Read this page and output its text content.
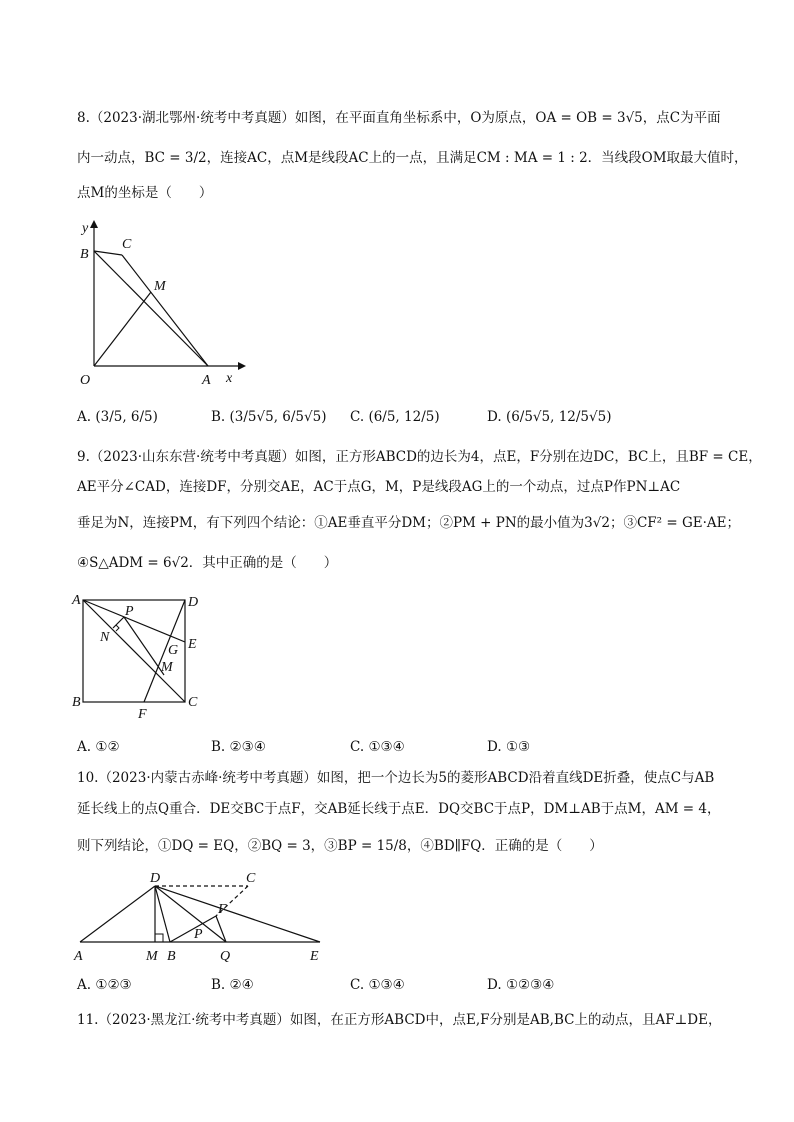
8.（2023·湖北鄂州·统考中考真题）如图，在平面直角坐标系中，O为原点，OA = OB = 3√5，点C为平面
内一动点，BC = 3/2，连接AC，点M是线段AC上的一点，且满足CM : MA = 1 : 2．当线段OM取最大值时，
点M的坐标是（　　）
y
B
C
M
O	A x
A. (3/5, 6/5)	B. (3/5√5, 6/5√5) C. (6/5, 12/5)	D. (6/5√5, 12/5√5)
9.（2023·山东东营·统考中考真题）如图，正方形ABCD的边长为4，点E，F分别在边DC，BC上，且BF = CE，
AE平分∠CAD，连接DF，分别交AE，AC于点G，M，P是线段AG上的一个动点，过点P作PN⊥AC
垂足为N，连接PM，有下列四个结论：①AE垂直平分DM；②PM + PN的最小值为3√2；③CF² = GE·AE；
④S△ADM = 6√2．其中正确的是（　　）
A	D
P
N	E
G
M
B	C
F
A. ①②	B. ②③④	C. ①③④	D. ①③
10.（2023·内蒙古赤峰·统考中考真题）如图，把一个边长为5的菱形ABCD沿着直线DE折叠，使点C与AB
延长线上的点Q重合．DE交BC于点F，交AB延长线于点E．DQ交BC于点P，DM⊥AB于点M，AM = 4，
则下列结论，①DQ = EQ，②BQ = 3，③BP = 15/8，④BD∥FQ．正确的是（　　）
D	C
F
P
A	M B	Q	E
A. ①②③	B. ②④	C. ①③④	D. ①②③④
11.（2023·黑龙江·统考中考真题）如图，在正方形ABCD中，点E,F分别是AB,BC上的动点，且AF⊥DE，
